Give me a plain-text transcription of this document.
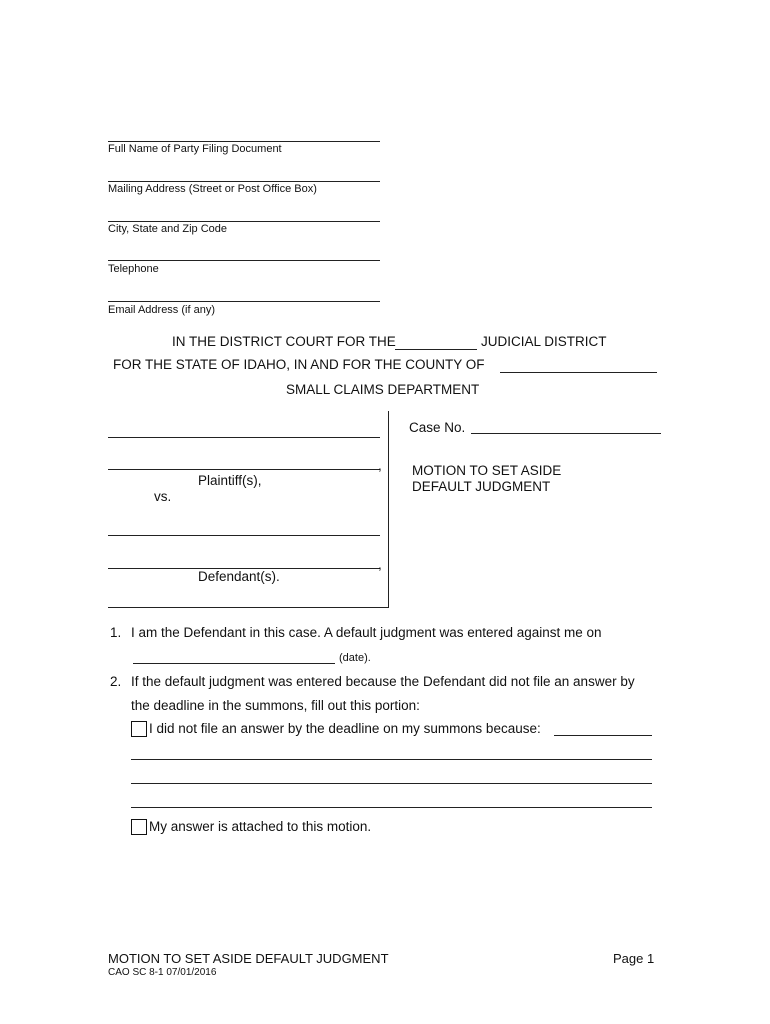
Full Name of Party Filing Document
Mailing Address (Street or Post Office Box)
City, State and Zip Code
Telephone
Email Address (if any)
IN THE DISTRICT COURT FOR THE	JUDICIAL DISTRICT
FOR THE STATE OF IDAHO, IN AND FOR THE COUNTY OF
SMALL CLAIMS DEPARTMENT
,
Plaintiff(s),
vs.
,
Defendant(s).
Case No.
MOTION TO SET ASIDE
DEFAULT JUDGMENT
1. I am the Defendant in this case. A default judgment was entered against me on
(date).
2. If the default judgment was entered because the Defendant did not file an answer by
the deadline in the summons, fill out this portion:
I did not file an answer by the deadline on my summons because:
My answer is attached to this motion.
MOTION TO SET ASIDE DEFAULT JUDGMENT	Page 1
CAO SC 8-1 07/01/2016
